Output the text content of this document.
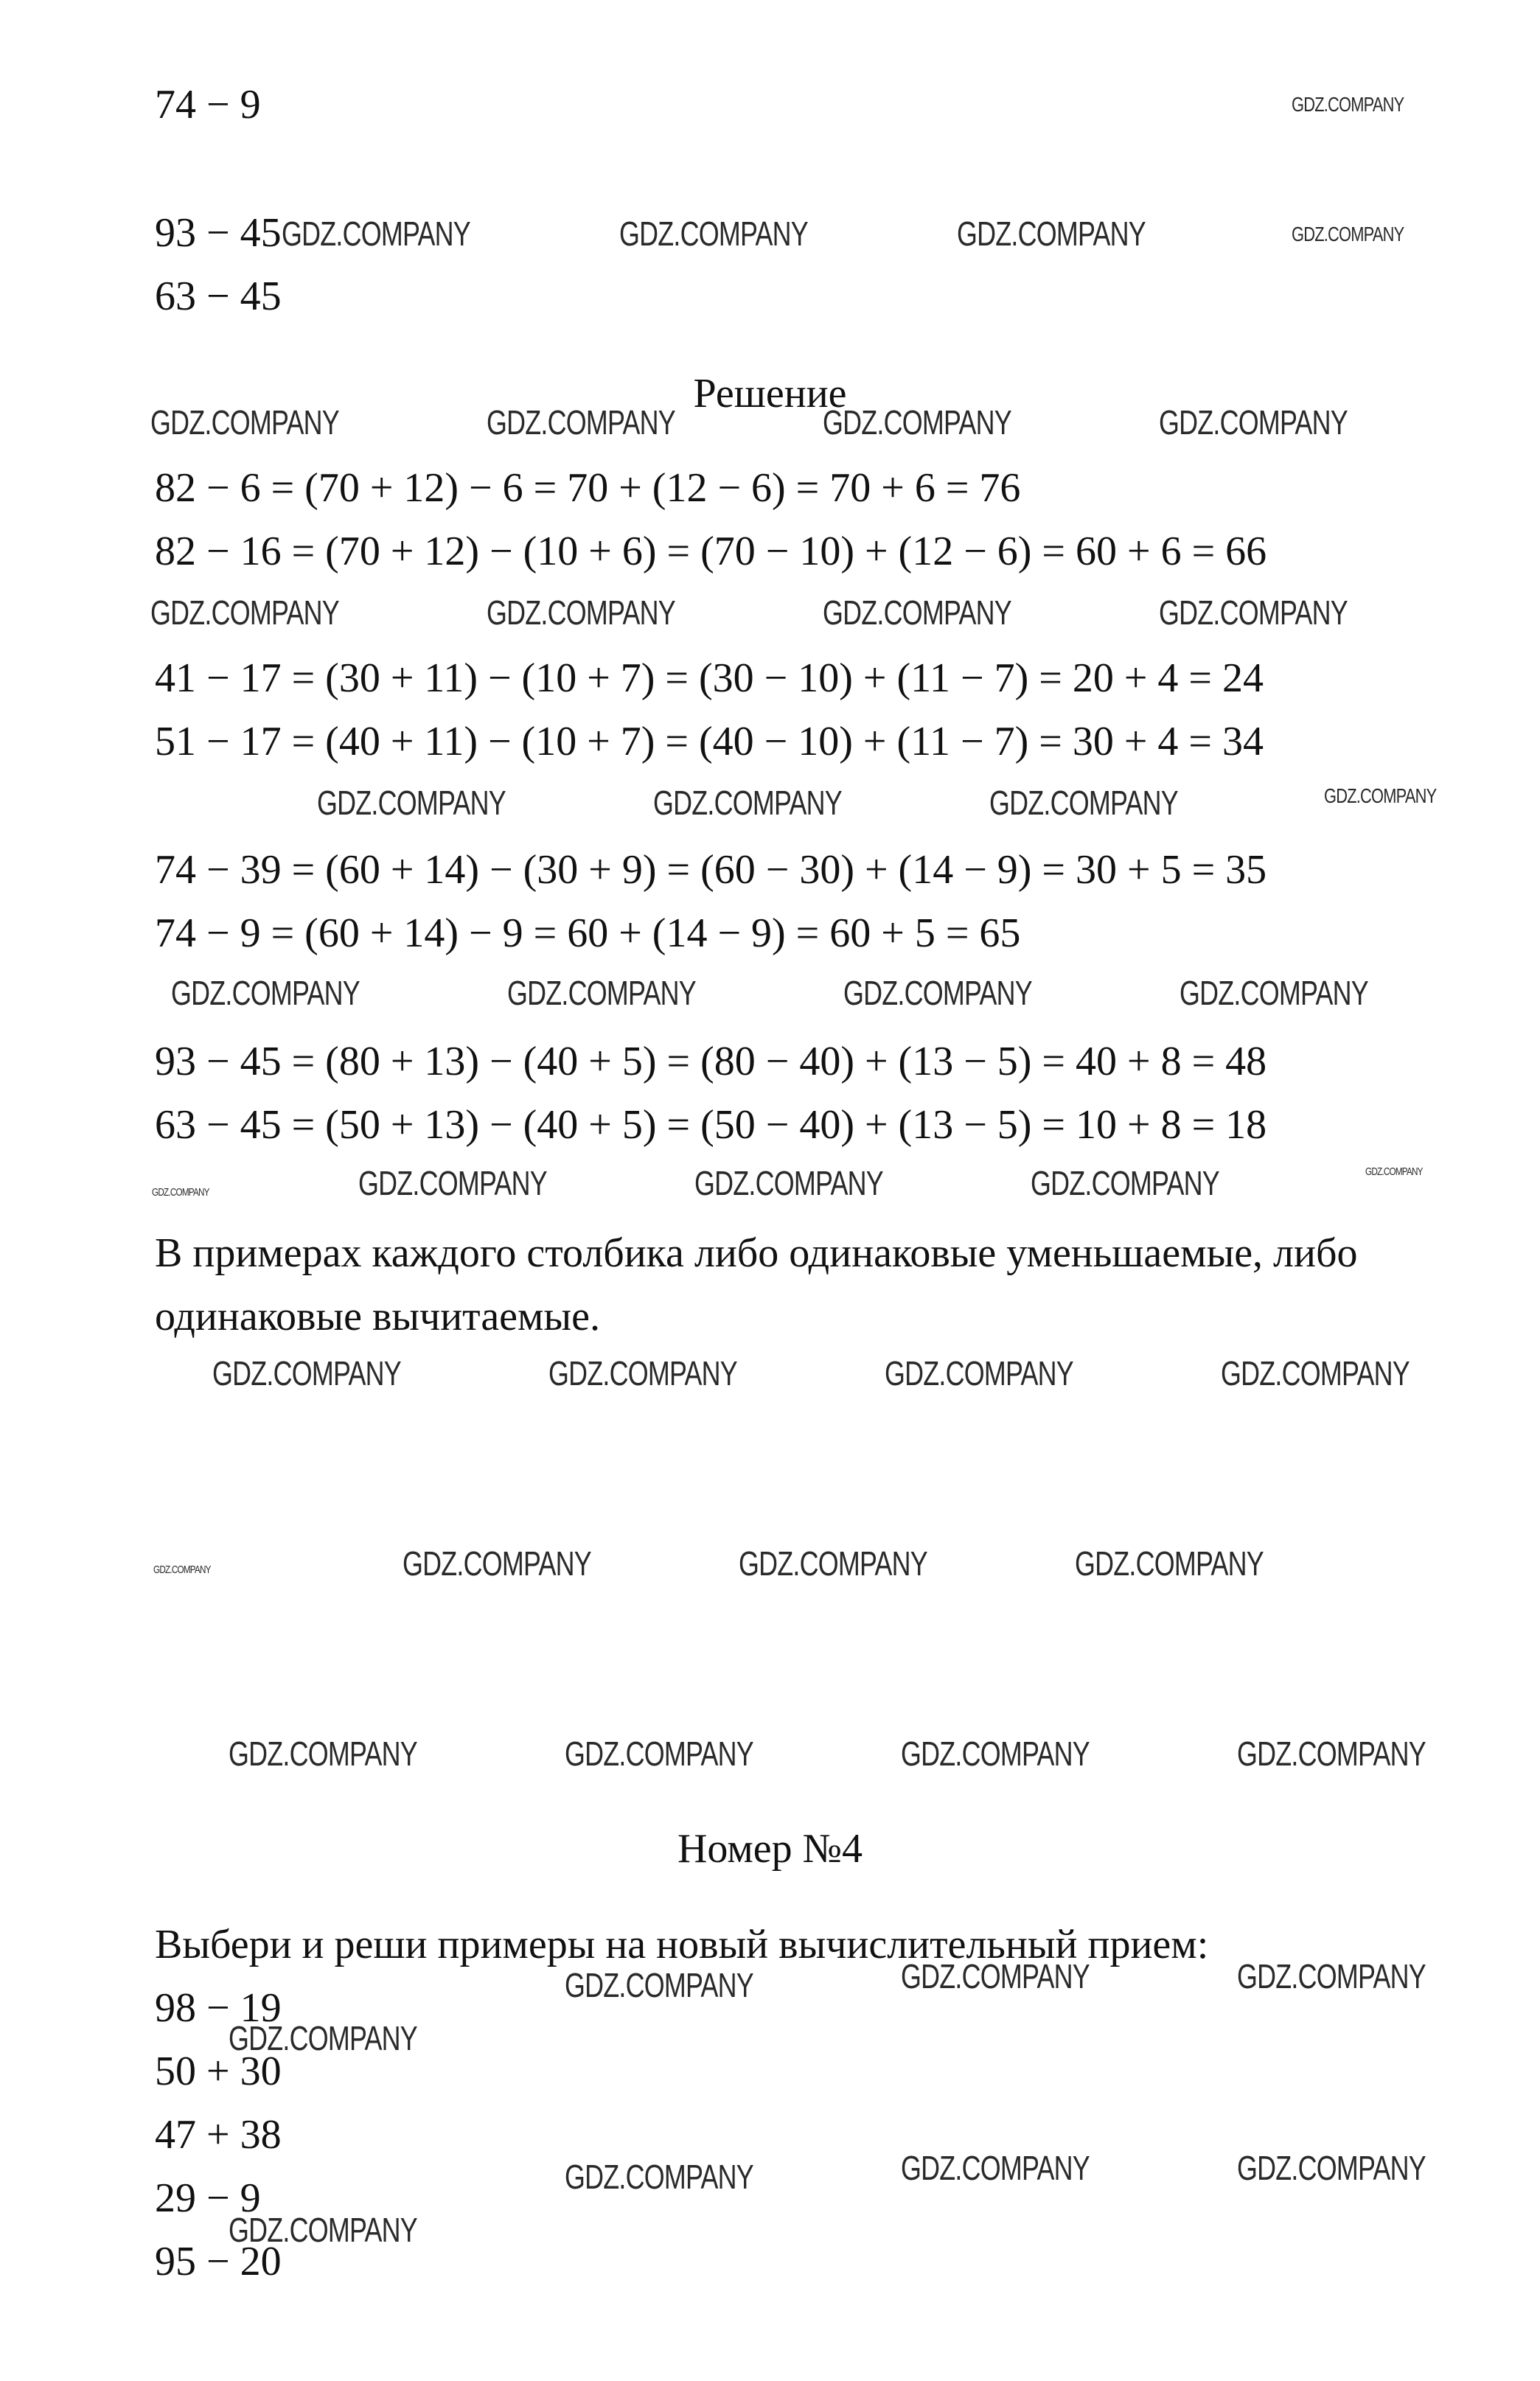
74 − 9
93 − 45
63 − 45
Решение
82 − 6 = (70 + 12) − 6 = 70 + (12 − 6) = 70 + 6 = 76
82 − 16 = (70 + 12) − (10 + 6) = (70 − 10) + (12 − 6) = 60 + 6 = 66
41 − 17 = (30 + 11) − (10 + 7) = (30 − 10) + (11 − 7) = 20 + 4 = 24
51 − 17 = (40 + 11) − (10 + 7) = (40 − 10) + (11 − 7) = 30 + 4 = 34
74 − 39 = (60 + 14) − (30 + 9) = (60 − 30) + (14 − 9) = 30 + 5 = 35
74 − 9 = (60 + 14) − 9 = 60 + (14 − 9) = 60 + 5 = 65
93 − 45 = (80 + 13) − (40 + 5) = (80 − 40) + (13 − 5) = 40 + 8 = 48
63 − 45 = (50 + 13) − (40 + 5) = (50 − 40) + (13 − 5) = 10 + 8 = 18
В примерах каждого столбика либо одинаковые уменьшаемые, либо
одинаковые вычитаемые.
Номер №4
Выбери и реши примеры на новый вычислительный прием:
98 − 19
50 + 30
47 + 38
29 − 9
95 − 20
GDZ.COMPANY
GDZ.COMPANY	GDZ.COMPANY	GDZ.COMPANY	GDZ.COMPANY
GDZ.COMPANY	GDZ.COMPANY	GDZ.COMPANY	GDZ.COMPANY
GDZ.COMPANY	GDZ.COMPANY	GDZ.COMPANY	GDZ.COMPANY
GDZ.COMPANY	GDZ.COMPANY	GDZ.COMPANY	GDZ.COMPANY
GDZ.COMPANY	GDZ.COMPANY	GDZ.COMPANY	GDZ.COMPANY
GDZ.COMPANY	GDZ.COMPANY	GDZ.COMPANY	GDZ.COMPANY	GDZ.COMPANY
GDZ.COMPANY	GDZ.COMPANY	GDZ.COMPANY	GDZ.COMPANY
GDZ.COMPANY	GDZ.COMPANY	GDZ.COMPANY	GDZ.COMPANY
GDZ.COMPANY	GDZ.COMPANY	GDZ.COMPANY	GDZ.COMPANY
GDZ.COMPANY	GDZ.COMPANY	GDZ.COMPANY
GDZ.COMPANY
GDZ.COMPANY	GDZ.COMPANY	GDZ.COMPANY
GDZ.COMPANY
